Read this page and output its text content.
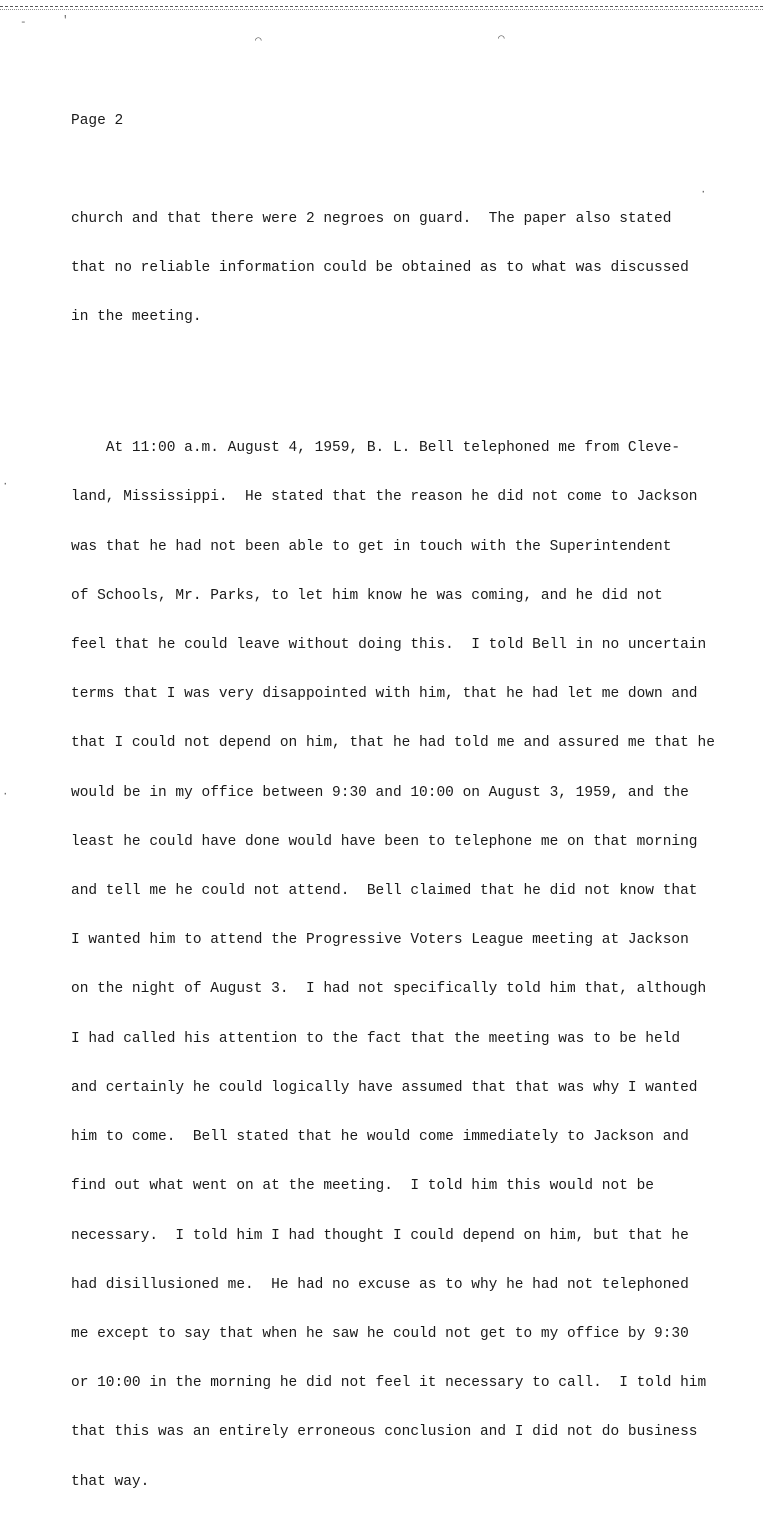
-	'
⌒	⌒
·
·
·
Page 2

church and that there were 2 negroes on guard.  The paper also stated

that no reliable information could be obtained as to what was discussed

in the meeting.

At 11:00 a.m. August 4, 1959, B. L. Bell telephoned me from Cleve-

land, Mississippi.  He stated that the reason he did not come to Jackson

was that he had not been able to get in touch with the Superintendent

of Schools, Mr. Parks, to let him know he was coming, and he did not

feel that he could leave without doing this.  I told Bell in no uncertain

terms that I was very disappointed with him, that he had let me down and

that I could not depend on him, that he had told me and assured me that he

would be in my office between 9:30 and 10:00 on August 3, 1959, and the

least he could have done would have been to telephone me on that morning

and tell me he could not attend.  Bell claimed that he did not know that

I wanted him to attend the Progressive Voters League meeting at Jackson

on the night of August 3.  I had not specifically told him that, although

I had called his attention to the fact that the meeting was to be held

and certainly he could logically have assumed that that was why I wanted

him to come.  Bell stated that he would come immediately to Jackson and

find out what went on at the meeting.  I told him this would not be

necessary.  I told him I had thought I could depend on him, but that he

had disillusioned me.  He had no excuse as to why he had not telephoned

me except to say that when he saw he could not get to my office by 9:30

or 10:00 in the morning he did not feel it necessary to call.  I told him

that this was an entirely erroneous conclusion and I did not do business

that way.
